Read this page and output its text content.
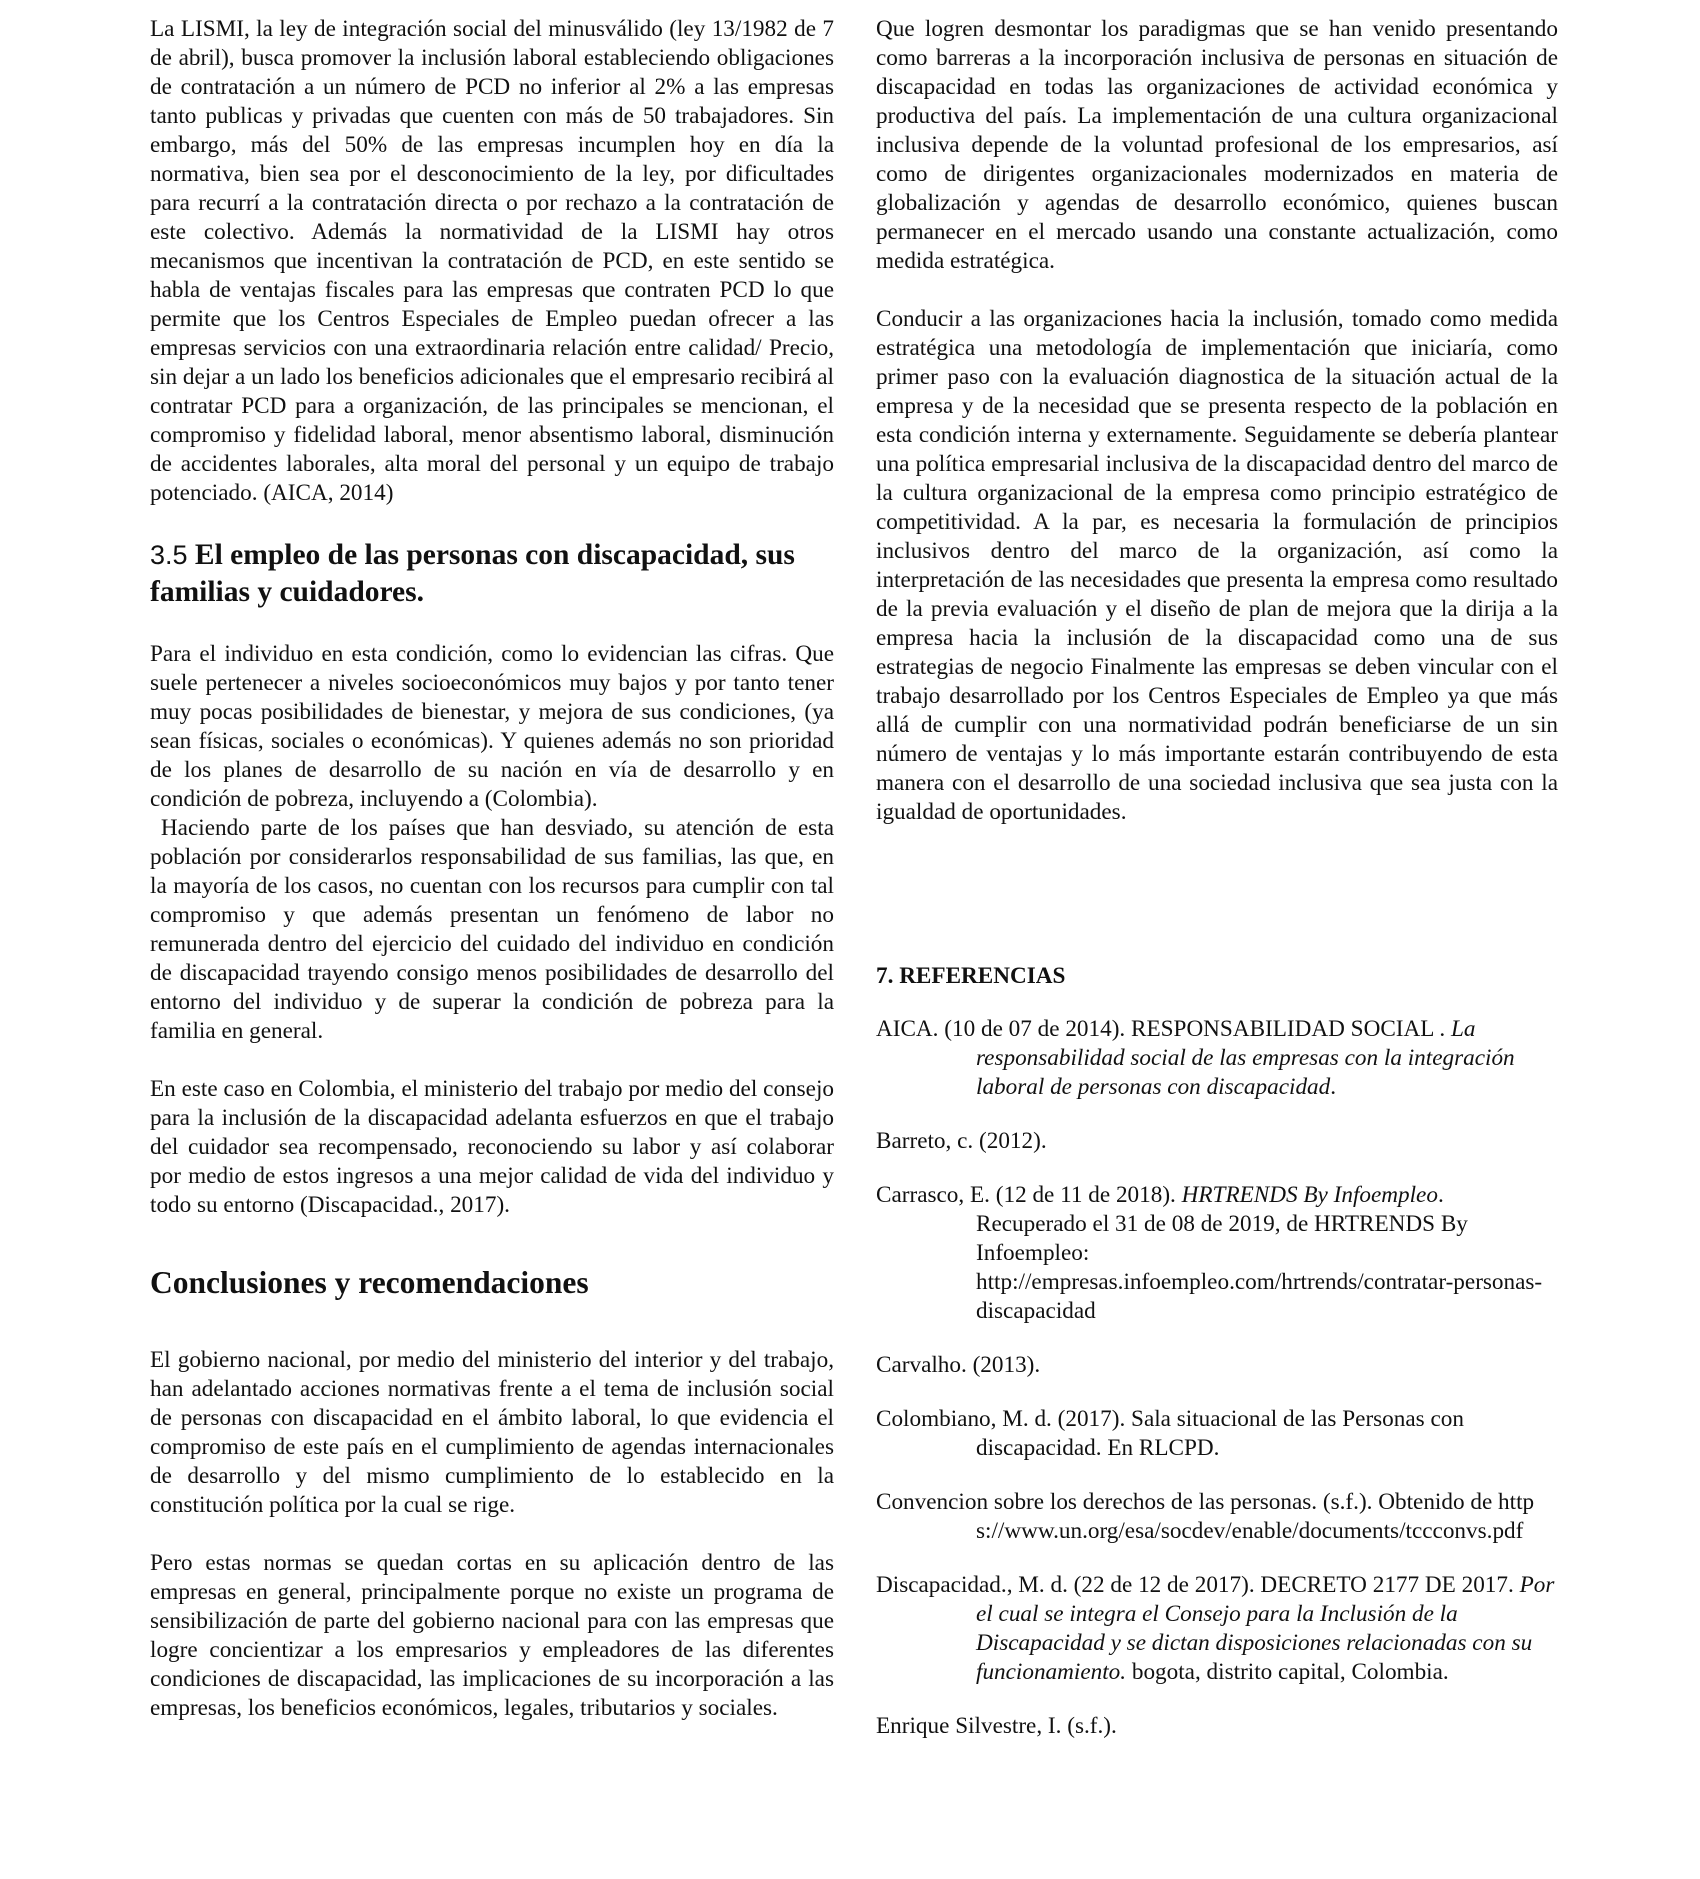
La LISMI, la ley de integración social del minusválido (ley 13/1982 de 7 de abril), busca promover la inclusión laboral estableciendo obligaciones de contratación a un número de PCD no inferior al 2% a las empresas tanto publicas y privadas que cuenten con más de 50 trabajadores. Sin embargo, más del 50% de las empresas incumplen hoy en día la normativa, bien sea por el desconocimiento de la ley, por dificultades para recurrí a la contratación directa o por rechazo a la contratación de este colectivo. Además la normatividad de la LISMI hay otros mecanismos que incentivan la contratación de PCD, en este sentido se habla de ventajas fiscales para las empresas que contraten PCD lo que permite que los Centros Especiales de Empleo puedan ofrecer a las empresas servicios con una extraordinaria relación entre calidad/ Precio, sin dejar a un lado los beneficios adicionales que el empresario recibirá al contratar PCD para a organización, de las principales se mencionan, el compromiso y fidelidad laboral, menor absentismo laboral, disminución de accidentes laborales, alta moral del personal y un equipo de trabajo potenciado. (AICA, 2014)

3.5 El empleo de las personas con discapacidad, sus familias y cuidadores.

Para el individuo en esta condición, como lo evidencian las cifras. Que suele pertenecer a niveles socioeconómicos muy bajos y por tanto tener muy pocas posibilidades de bienestar, y mejora de sus condiciones, (ya sean físicas, sociales o económicas). Y quienes además no son prioridad de los planes de desarrollo de su nación en vía de desarrollo y en condición de pobreza, incluyendo a (Colombia).

Haciendo parte de los países que han desviado, su atención de esta población por considerarlos responsabilidad de sus familias, las que, en la mayoría de los casos, no cuentan con los recursos para cumplir con tal compromiso y que además presentan un fenómeno de labor no remunerada dentro del ejercicio del cuidado del individuo en condición de discapacidad trayendo consigo menos posibilidades de desarrollo del entorno del individuo y de superar la condición de pobreza para la familia en general.

En este caso en Colombia, el ministerio del trabajo por medio del consejo para la inclusión de la discapacidad adelanta esfuerzos en que el trabajo del cuidador sea recompensado, reconociendo su labor y así colaborar por medio de estos ingresos a una mejor calidad de vida del individuo y todo su entorno (Discapacidad., 2017).

Conclusiones y recomendaciones

El gobierno nacional, por medio del ministerio del interior y del trabajo, han adelantado acciones normativas frente a el tema de inclusión social de personas con discapacidad en el ámbito laboral, lo que evidencia el compromiso de este país en el cumplimiento de agendas internacionales de desarrollo y del mismo cumplimiento de lo establecido en la constitución política por la cual se rige.

Pero estas normas se quedan cortas en su aplicación dentro de las empresas en general, principalmente porque no existe un programa de sensibilización de parte del gobierno nacional para con las empresas que logre concientizar a los empresarios y empleadores de las diferentes condiciones de discapacidad, las implicaciones de su incorporación a las empresas, los beneficios económicos, legales, tributarios y sociales.

Que logren desmontar los paradigmas que se han venido presentando como barreras a la incorporación inclusiva de personas en situación de discapacidad en todas las organizaciones de actividad económica y productiva del país. La implementación de una cultura organizacional inclusiva depende de la voluntad profesional de los empresarios, así como de dirigentes organizacionales modernizados en materia de globalización y agendas de desarrollo económico, quienes buscan permanecer en el mercado usando una constante actualización, como medida estratégica.

Conducir a las organizaciones hacia la inclusión, tomado como medida estratégica una metodología de implementación que iniciaría, como primer paso con la evaluación diagnostica de la situación actual de la empresa y de la necesidad que se presenta respecto de la población en esta condición interna y externamente. Seguidamente se debería plantear una política empresarial inclusiva de la discapacidad dentro del marco de la cultura organizacional de la empresa como principio estratégico de competitividad. A la par, es necesaria la formulación de principios inclusivos dentro del marco de la organización, así como la interpretación de las necesidades que presenta la empresa como resultado de la previa evaluación y el diseño de plan de mejora que la dirija a la empresa hacia la inclusión de la discapacidad como una de sus estrategias de negocio Finalmente las empresas se deben vincular con el trabajo desarrollado por los Centros Especiales de Empleo ya que más allá de cumplir con una normatividad podrán beneficiarse de un sin número de ventajas y lo más importante estarán contribuyendo de esta manera con el desarrollo de una sociedad inclusiva que sea justa con la igualdad de oportunidades.

7. REFERENCIAS

AICA. (10 de 07 de 2014). RESPONSABILIDAD SOCIAL . La responsabilidad social de las empresas con la integración laboral de personas con discapacidad.

Barreto, c. (2012).

Carrasco, E. (12 de 11 de 2018). HRTRENDS By Infoempleo. Recuperado el 31 de 08 de 2019, de HRTRENDS By Infoempleo: http://empresas.infoempleo.com/hrtrends/contratar-personas-discapacidad

Carvalho. (2013).

Colombiano, M. d. (2017). Sala situacional de las Personas con discapacidad. En RLCPD.

Convencion sobre los derechos de las personas. (s.f.). Obtenido de https://www.un.org/esa/socdev/enable/documents/tccconvs.pdf

Discapacidad., M. d. (22 de 12 de 2017). DECRETO 2177 DE 2017. Por el cual se integra el Consejo para la Inclusión de la Discapacidad y se dictan disposiciones relacionadas con su funcionamiento. bogota, distrito capital, Colombia.

Enrique Silvestre, I. (s.f.).
